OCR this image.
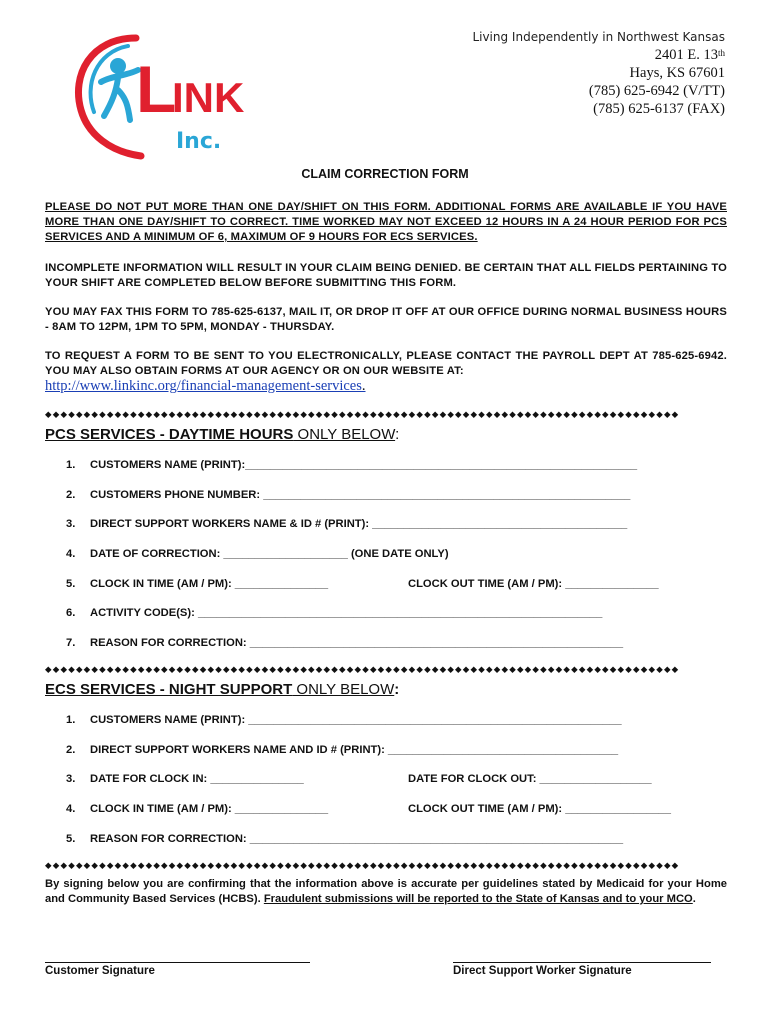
L
INK
Inc.
Living Independently in Northwest Kansas
2401 E. 13th
Hays, KS 67601
(785) 625-6942 (V/TT)
(785) 625-6137 (FAX)
CLAIM CORRECTION FORM
PLEASE DO NOT PUT MORE THAN ONE DAY/SHIFT ON THIS FORM. ADDITIONAL FORMS ARE AVAILABLE IF YOU HAVE MORE THAN ONE DAY/SHIFT TO CORRECT. TIME WORKED MAY NOT EXCEED 12 HOURS IN A 24 HOUR PERIOD FOR PCS SERVICES AND A MINIMUM OF 6, MAXIMUM OF 9 HOURS FOR ECS SERVICES.
INCOMPLETE INFORMATION WILL RESULT IN YOUR CLAIM BEING DENIED. BE CERTAIN THAT ALL FIELDS PERTAINING TO YOUR SHIFT ARE COMPLETED BELOW BEFORE SUBMITTING THIS FORM.
YOU MAY FAX THIS FORM TO 785-625-6137, MAIL IT, OR DROP IT OFF AT OUR OFFICE DURING NORMAL BUSINESS HOURS - 8AM TO 12PM, 1PM TO 5PM, MONDAY - THURSDAY.
TO REQUEST A FORM TO BE SENT TO YOU ELECTRONICALLY, PLEASE CONTACT THE PAYROLL DEPT AT 785-625-6942. YOU MAY ALSO OBTAIN FORMS AT OUR AGENCY OR ON OUR WEBSITE AT:
http://www.linkinc.org/financial-management-services.
◆◆◆◆◆◆◆◆◆◆◆◆◆◆◆◆◆◆◆◆◆◆◆◆◆◆◆◆◆◆◆◆◆◆◆◆◆◆◆◆◆◆◆◆◆◆◆◆◆◆◆◆◆◆◆◆◆◆◆◆◆◆◆◆◆◆◆◆◆◆◆◆◆◆◆◆◆◆◆◆◆◆
PCS SERVICES - DAYTIME HOURS ONLY BELOW:
1. CUSTOMERS NAME (PRINT):_______________________________________________________________
2. CUSTOMERS PHONE NUMBER: ___________________________________________________________
3. DIRECT SUPPORT WORKERS NAME & ID # (PRINT): _________________________________________
4. DATE OF CORRECTION: ____________________ (ONE DATE ONLY)
5. CLOCK IN TIME (AM / PM): _______________	CLOCK OUT TIME (AM / PM): _______________
6. ACTIVITY CODE(S): _________________________________________________________________
7. REASON FOR CORRECTION: ____________________________________________________________
◆◆◆◆◆◆◆◆◆◆◆◆◆◆◆◆◆◆◆◆◆◆◆◆◆◆◆◆◆◆◆◆◆◆◆◆◆◆◆◆◆◆◆◆◆◆◆◆◆◆◆◆◆◆◆◆◆◆◆◆◆◆◆◆◆◆◆◆◆◆◆◆◆◆◆◆◆◆◆◆◆◆
ECS SERVICES - NIGHT SUPPORT ONLY BELOW:
1. CUSTOMERS NAME (PRINT): ____________________________________________________________
2. DIRECT SUPPORT WORKERS NAME AND ID # (PRINT): _____________________________________
3. DATE FOR CLOCK IN: _______________	DATE FOR CLOCK OUT: __________________
4. CLOCK IN TIME (AM / PM): _______________	CLOCK OUT TIME (AM / PM): _________________
5. REASON FOR CORRECTION: ____________________________________________________________
◆◆◆◆◆◆◆◆◆◆◆◆◆◆◆◆◆◆◆◆◆◆◆◆◆◆◆◆◆◆◆◆◆◆◆◆◆◆◆◆◆◆◆◆◆◆◆◆◆◆◆◆◆◆◆◆◆◆◆◆◆◆◆◆◆◆◆◆◆◆◆◆◆◆◆◆◆◆◆◆◆◆
By signing below you are confirming that the information above is accurate per guidelines stated by Medicaid for your Home and Community Based Services (HCBS). Fraudulent submissions will be reported to the State of Kansas and to your MCO.
Customer Signature	Direct Support Worker Signature
